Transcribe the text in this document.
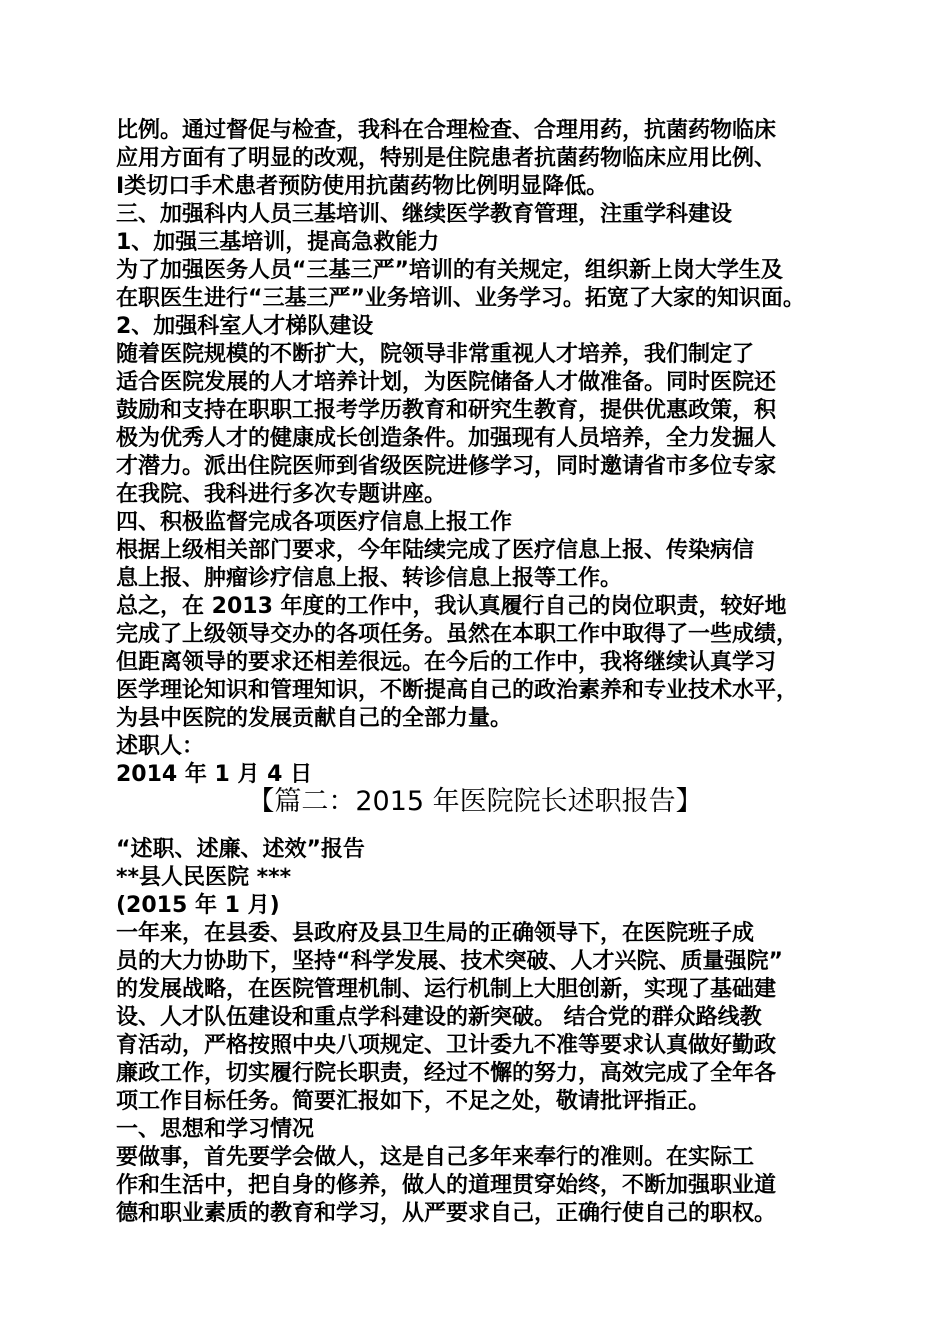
比例。通过督促与检查，我科在合理检查、合理用药，抗菌药物临床
应用方面有了明显的改观，特别是住院患者抗菌药物临床应用比例、
Ⅰ类切口手术患者预防使用抗菌药物比例明显降低。
三、加强科内人员三基培训、继续医学教育管理，注重学科建设
1、加强三基培训，提高急救能力
为了加强医务人员“三基三严”培训的有关规定，组织新上岗大学生及
在职医生进行“三基三严”业务培训、业务学习。拓宽了大家的知识面。
2、加强科室人才梯队建设
随着医院规模的不断扩大，院领导非常重视人才培养，我们制定了
适合医院发展的人才培养计划，为医院储备人才做准备。同时医院还
鼓励和支持在职职工报考学历教育和研究生教育，提供优惠政策，积
极为优秀人才的健康成长创造条件。加强现有人员培养，全力发掘人
才潜力。派出住院医师到省级医院进修学习，同时邀请省市多位专家
在我院、我科进行多次专题讲座。
四、积极监督完成各项医疗信息上报工作
根据上级相关部门要求，今年陆续完成了医疗信息上报、传染病信
息上报、肿瘤诊疗信息上报、转诊信息上报等工作。
总之，在 2013 年度的工作中，我认真履行自己的岗位职责，较好地
完成了上级领导交办的各项任务。虽然在本职工作中取得了一些成绩，
但距离领导的要求还相差很远。在今后的工作中，我将继续认真学习
医学理论知识和管理知识，不断提高自己的政治素养和专业技术水平，
为县中医院的发展贡献自己的全部力量。
述职人：
2014 年 1 月 4 日
【篇二：2015 年医院院长述职报告】
“述职、述廉、述效”报告
**县人民医院 ***
(2015 年 1 月)
一年来，在县委、县政府及县卫生局的正确领导下，在医院班子成
员的大力协助下，坚持“科学发展、技术突破、人才兴院、质量强院”
的发展战略，在医院管理机制、运行机制上大胆创新，实现了基础建
设、人才队伍建设和重点学科建设的新突破。 结合党的群众路线教
育活动，严格按照中央八项规定、卫计委九不准等要求认真做好勤政
廉政工作，切实履行院长职责，经过不懈的努力，高效完成了全年各
项工作目标任务。简要汇报如下，不足之处，敬请批评指正。
一、思想和学习情况
要做事，首先要学会做人，这是自己多年来奉行的准则。在实际工
作和生活中，把自身的修养，做人的道理贯穿始终，不断加强职业道
德和职业素质的教育和学习，从严要求自己，正确行使自己的职权。
